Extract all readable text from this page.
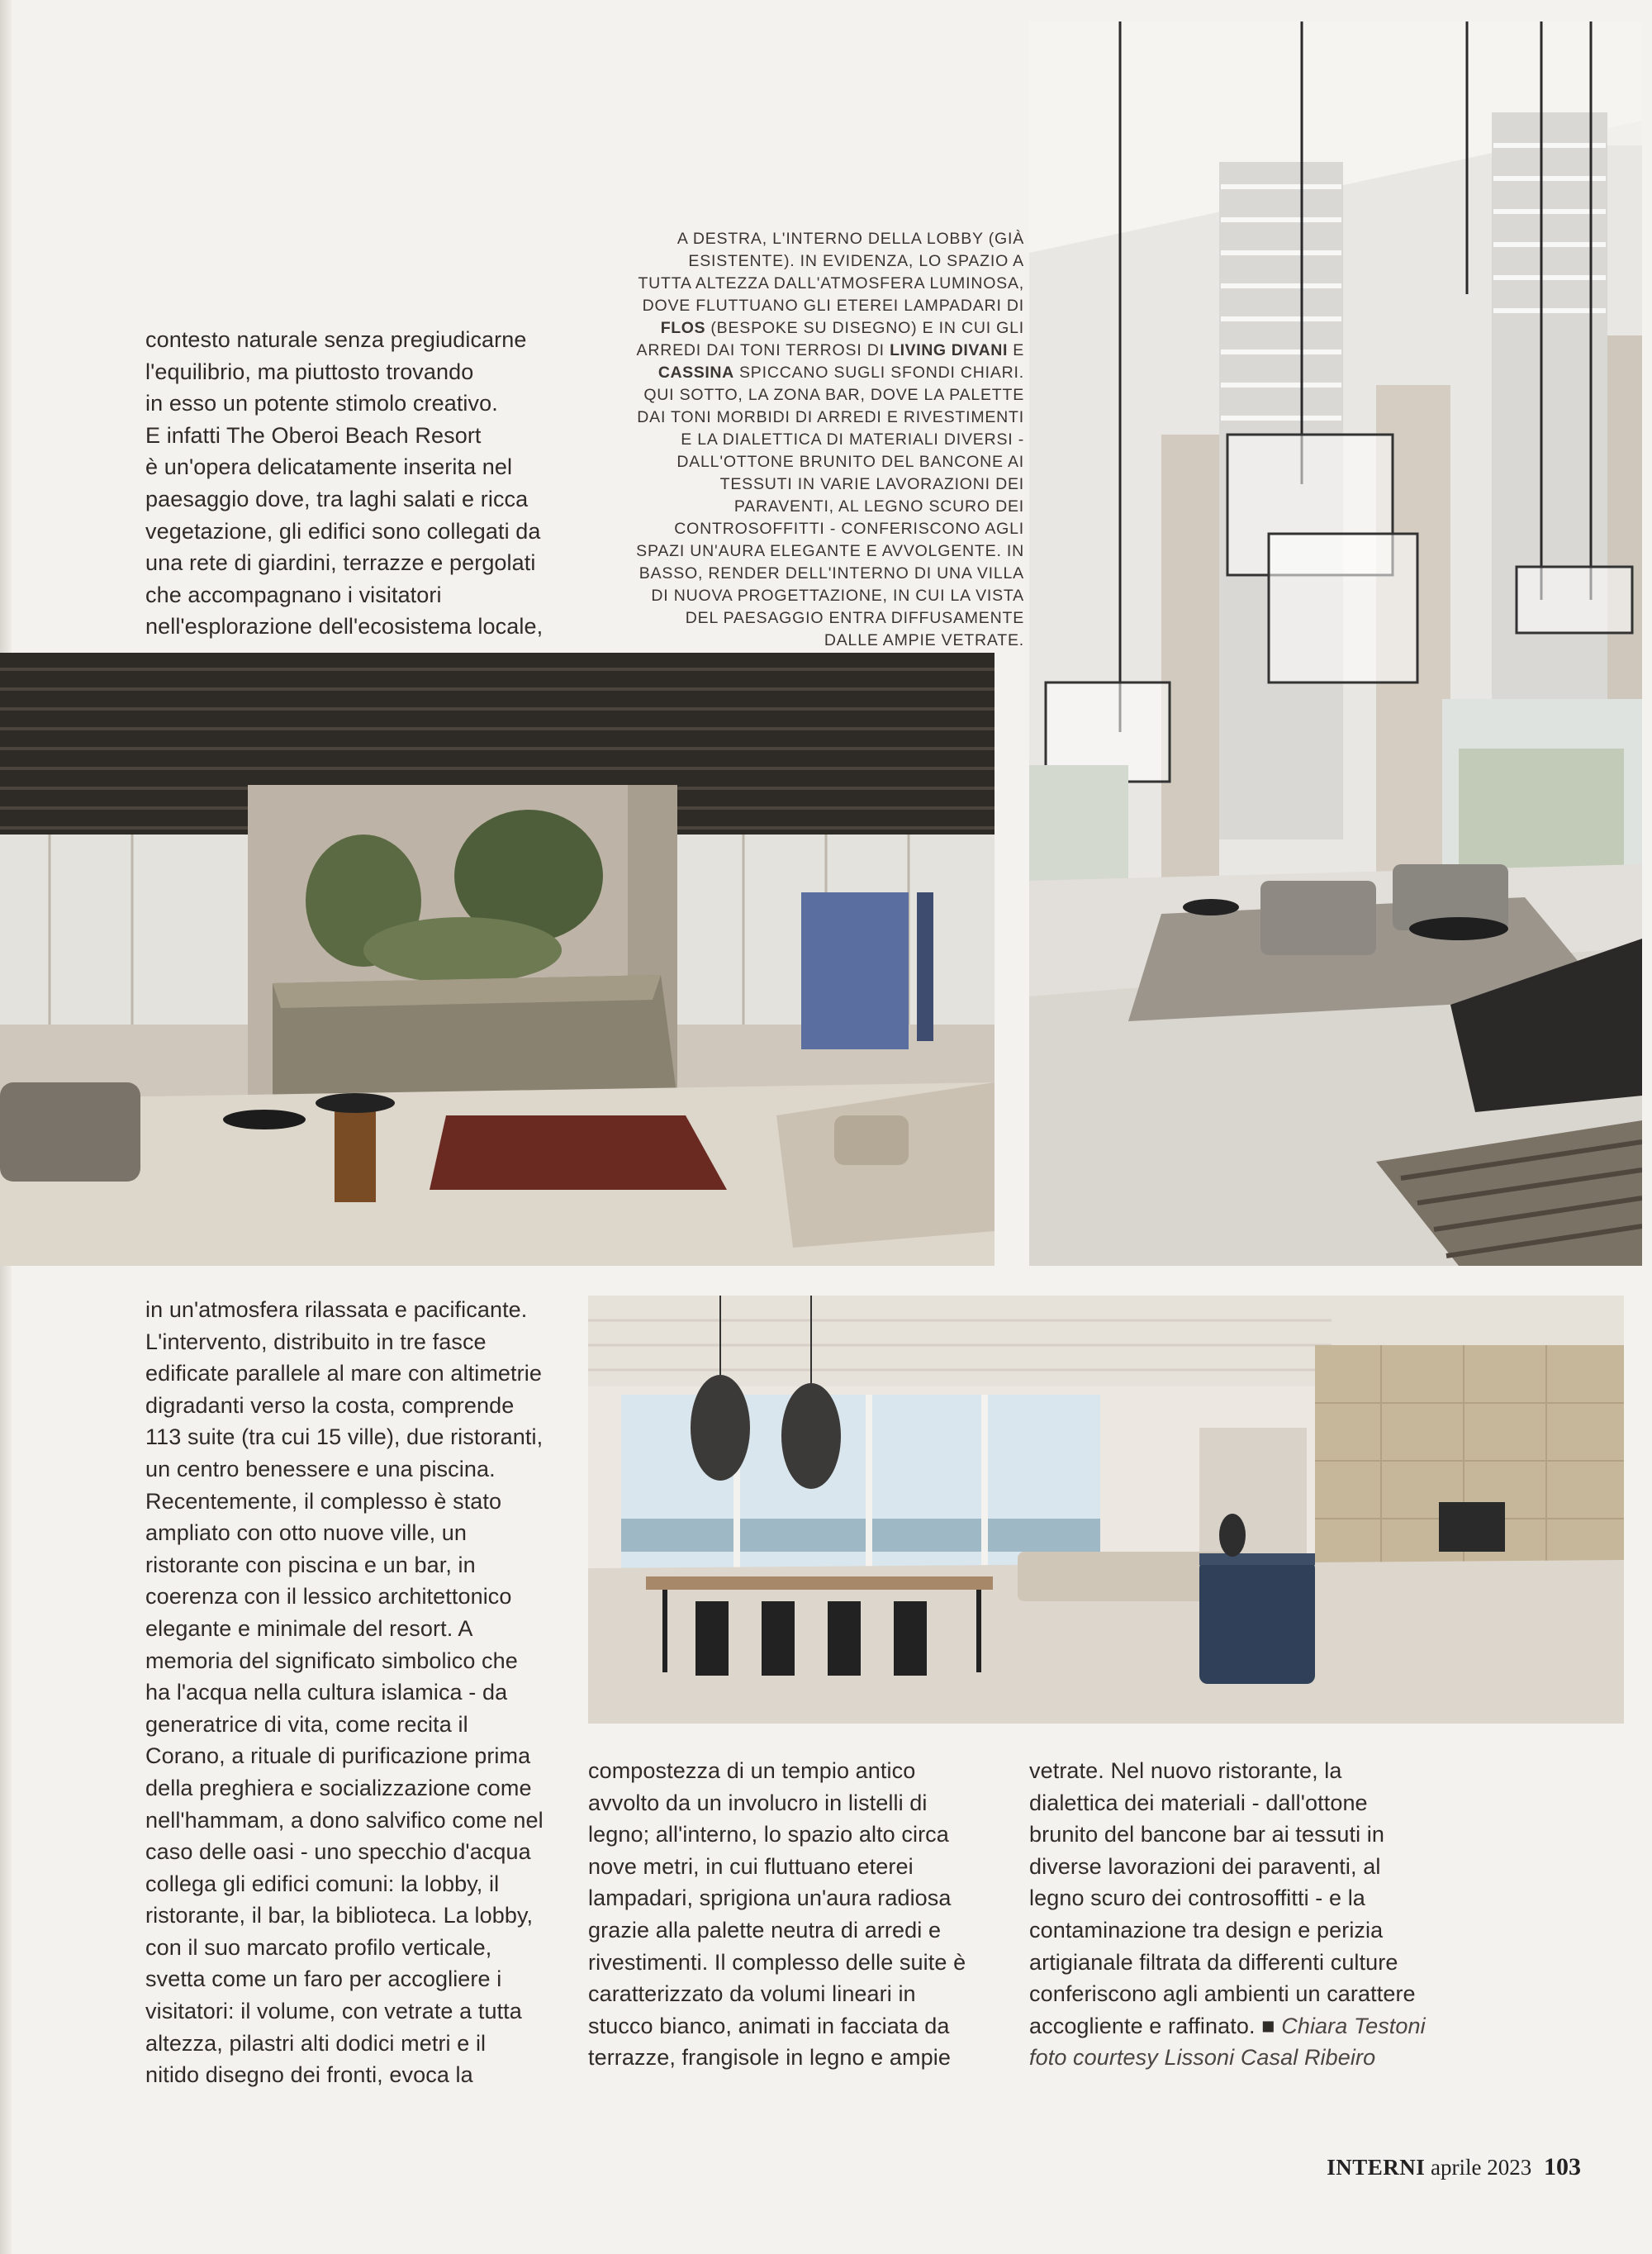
contesto naturale senza pregiudicarne
l'equilibrio, ma piuttosto trovando
in esso un potente stimolo creativo.
E infatti The Oberoi Beach Resort
è un'opera delicatamente inserita nel
paesaggio dove, tra laghi salati e ricca
vegetazione, gli edifici sono collegati da
una rete di giardini, terrazze e pergolati
che accompagnano i visitatori
nell'esplorazione dell'ecosistema locale,

A DESTRA, L'INTERNO DELLA LOBBY (GIÀ ESISTENTE). IN EVIDENZA, LO SPAZIO A TUTTA ALTEZZA DALL'ATMOSFERA LUMINOSA, DOVE FLUTTUANO GLI ETEREI LAMPADARI DI FLOS (BESPOKE SU DISEGNO) E IN CUI GLI ARREDI DAI TONI TERROSI DI LIVING DIVANI E CASSINA SPICCANO SUGLI SFONDI CHIARI. QUI SOTTO, LA ZONA BAR, DOVE LA PALETTE DAI TONI MORBIDI DI ARREDI E RIVESTIMENTI E LA DIALETTICA DI MATERIALI DIVERSI - DALL'OTTONE BRUNITO DEL BANCONE AI TESSUTI IN VARIE LAVORAZIONI DEI PARAVENTI, AL LEGNO SCURO DEI CONTROSOFFITTI - CONFERISCONO AGLI SPAZI UN'AURA ELEGANTE E AVVOLGENTE. IN BASSO, RENDER DELL'INTERNO DI UNA VILLA DI NUOVA PROGETTAZIONE, IN CUI LA VISTA DEL PAESAGGIO ENTRA DIFFUSAMENTE DALLE AMPIE VETRATE.

in un'atmosfera rilassata e pacificante.
L'intervento, distribuito in tre fasce
edificate parallele al mare con altimetrie
digradanti verso la costa, comprende
113 suite (tra cui 15 ville), due ristoranti,
un centro benessere e una piscina.
Recentemente, il complesso è stato
ampliato con otto nuove ville, un
ristorante con piscina e un bar, in
coerenza con il lessico architettonico
elegante e minimale del resort. A
memoria del significato simbolico che
ha l'acqua nella cultura islamica - da
generatrice di vita, come recita il
Corano, a rituale di purificazione prima
della preghiera e socializzazione come
nell'hammam, a dono salvifico come nel
caso delle oasi - uno specchio d'acqua
collega gli edifici comuni: la lobby, il
ristorante, il bar, la biblioteca. La lobby,
con il suo marcato profilo verticale,
svetta come un faro per accogliere i
visitatori: il volume, con vetrate a tutta
altezza, pilastri alti dodici metri e il
nitido disegno dei fronti, evoca la

compostezza di un tempio antico
avvolto da un involucro in listelli di
legno; all'interno, lo spazio alto circa
nove metri, in cui fluttuano eterei
lampadari, sprigiona un'aura radiosa
grazie alla palette neutra di arredi e
rivestimenti. Il complesso delle suite è
caratterizzato da volumi lineari in
stucco bianco, animati in facciata da
terrazze, frangisole in legno e ampie

vetrate. Nel nuovo ristorante, la
dialettica dei materiali - dall'ottone
brunito del bancone bar ai tessuti in
diverse lavorazioni dei paraventi, al
legno scuro dei controsoffitti - e la
contaminazione tra design e perizia
artigianale filtrata da differenti culture
conferiscono agli ambienti un carattere
accogliente e raffinato. ■ Chiara Testoni
foto courtesy Lissoni Casal Ribeiro
INTERNI aprile 2023 103
